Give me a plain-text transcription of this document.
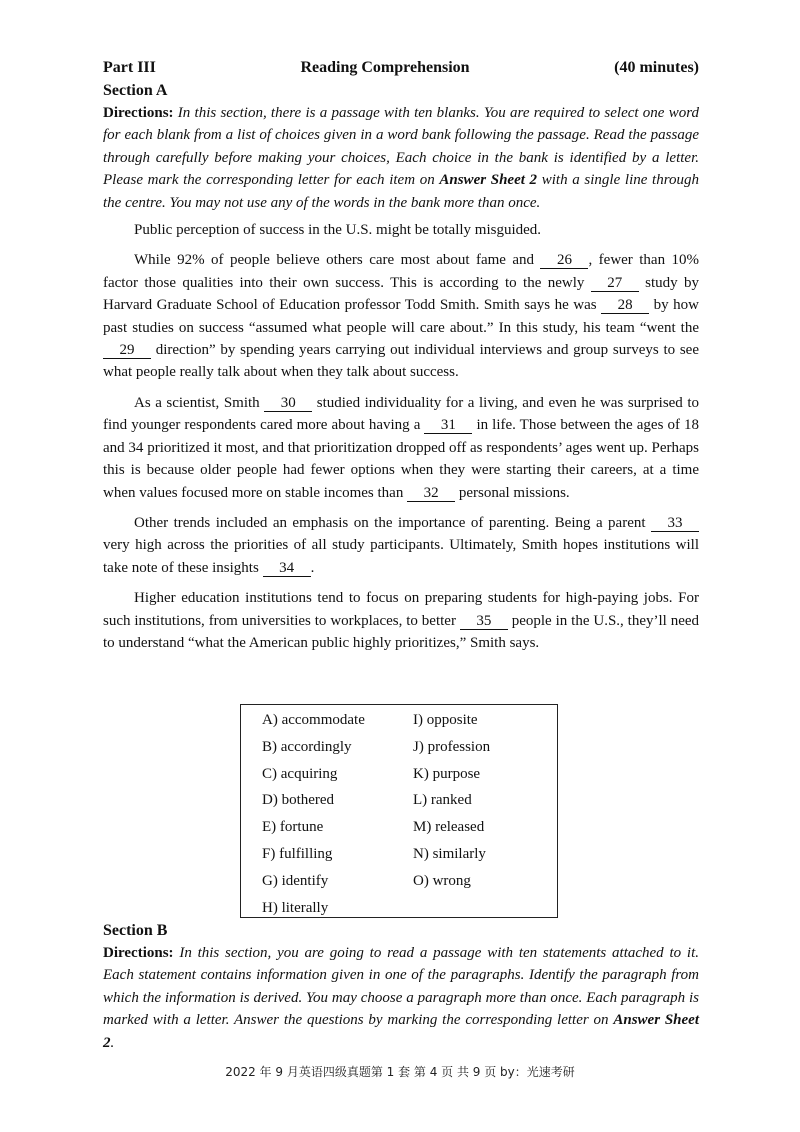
Part III	Reading Comprehension	(40 minutes)
Section A

Directions: In this section, there is a passage with ten blanks. You are required to select one word for each blank from a list of choices given in a word bank following the passage. Read the passage through carefully before making your choices, Each choice in the bank is identified by a letter. Please mark the corresponding letter for each item on Answer Sheet 2 with a single line through the centre. You may not use any of the words in the bank more than once.

Public perception of success in the U.S. might be totally misguided.

While 92% of people believe others care most about fame and 26 , fewer than 10% factor those qualities into their own success. This is according to the newly 27 study by Harvard Graduate School of Education professor Todd Smith. Smith says he was 28 by how past studies on success “assumed what people will care about.” In this study, his team “went the 29 direction” by spending years carrying out individual interviews and group surveys to see what people really talk about when they talk about success.

As a scientist, Smith 30 studied individuality for a living, and even he was surprised to find younger respondents cared more about having a 31 in life. Those between the ages of 18 and 34 prioritized it most, and that prioritization dropped off as respondents’ ages went up. Perhaps this is because older people had fewer options when they were starting their careers, at a time when values focused more on stable incomes than 32 personal missions.

Other trends included an emphasis on the importance of parenting. Being a parent 33 very high across the priorities of all study participants. Ultimately, Smith hopes institutions will take note of these insights 34 .

Higher education institutions tend to focus on preparing students for high-paying jobs. For such institutions, from universities to workplaces, to better 35 people in the U.S., they’ll need to understand “what the American public highly prioritizes,” Smith says.

A) accommodate
B) accordingly
C) acquiring
D) bothered
E) fortune
F) fulfilling
G) identify
H) literally
I) opposite
J) profession
K) purpose
L) ranked
M) released
N) similarly
O) wrong
Section B

Directions: In this section, you are going to read a passage with ten statements attached to it. Each statement contains information given in one of the paragraphs. Identify the paragraph from which the information is derived. You may choose a paragraph more than once. Each paragraph is marked with a letter. Answer the questions by marking the corresponding letter on Answer Sheet 2.

2022 年 9 月英语四级真题第 1 套 第 4 页 共 9 页 by：光速考研
